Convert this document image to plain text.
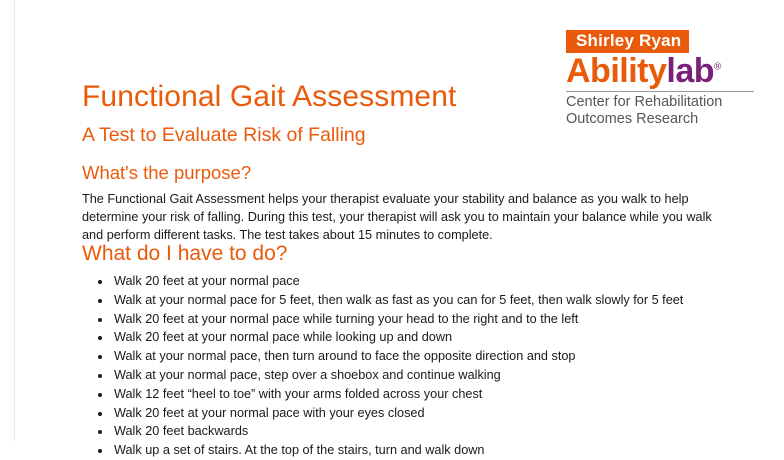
Shirley Ryan
Abilitylab®
Center for Rehabilitation
Outcomes Research
Functional Gait Assessment
A Test to Evaluate Risk of Falling
What's the purpose?

The Functional Gait Assessment helps your therapist evaluate your stability and balance as you walk to help determine your risk of falling. During this test, your therapist will ask you to maintain your balance while you walk and perform different tasks. The test takes about 15 minutes to complete.

What do I have to do?
• Walk 20 feet at your normal pace
• Walk at your normal pace for 5 feet, then walk as fast as you can for 5 feet, then walk slowly for 5 feet
• Walk 20 feet at your normal pace while turning your head to the right and to the left
• Walk 20 feet at your normal pace while looking up and down
• Walk at your normal pace, then turn around to face the opposite direction and stop
• Walk at your normal pace, step over a shoebox and continue walking
• Walk 12 feet “heel to toe” with your arms folded across your chest
• Walk 20 feet at your normal pace with your eyes closed
• Walk 20 feet backwards
• Walk up a set of stairs. At the top of the stairs, turn and walk down
